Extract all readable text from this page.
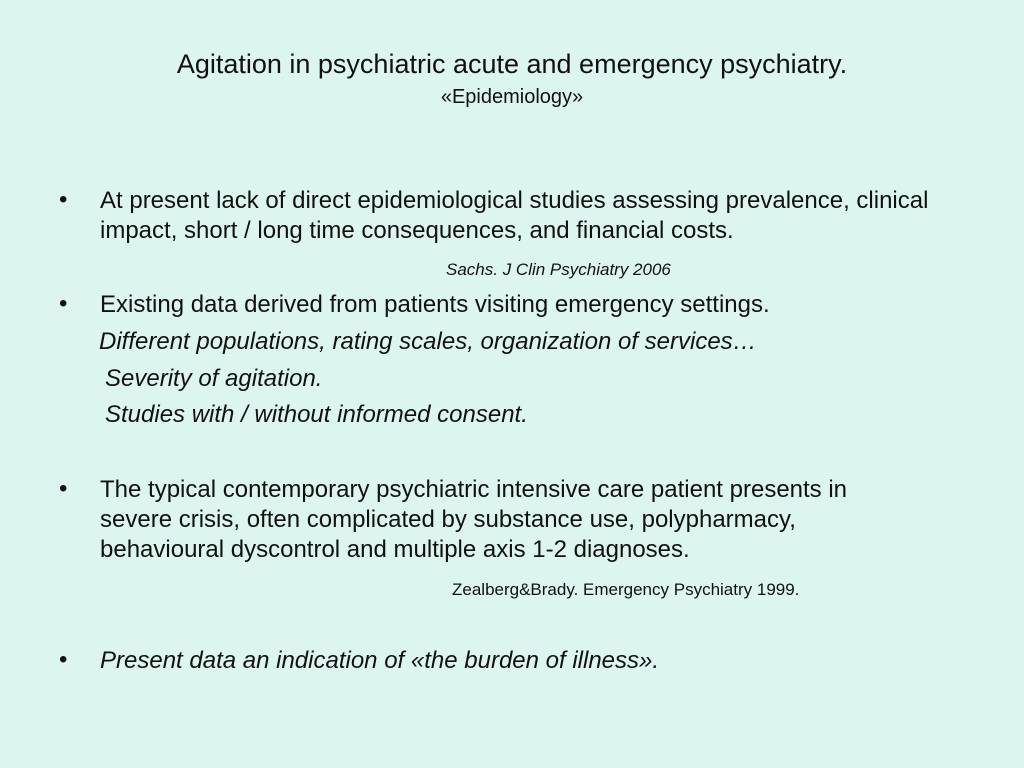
Agitation in psychiatric acute and emergency psychiatry.
«Epidemiology»
• At present lack of direct epidemiological studies assessing prevalence, clinical impact, short / long time consequences, and financial costs.
Sachs. J Clin Psychiatry 2006
• Existing data derived from patients visiting emergency settings.
Different populations, rating scales, organization of services…
Severity of agitation.
Studies with / without informed consent.
• The typical contemporary psychiatric intensive care patient presents in severe crisis, often complicated by substance use, polypharmacy, behavioural dyscontrol and multiple axis 1-2 diagnoses.
Zealberg&Brady. Emergency Psychiatry 1999.
• Present data an indication of «the burden of illness».
